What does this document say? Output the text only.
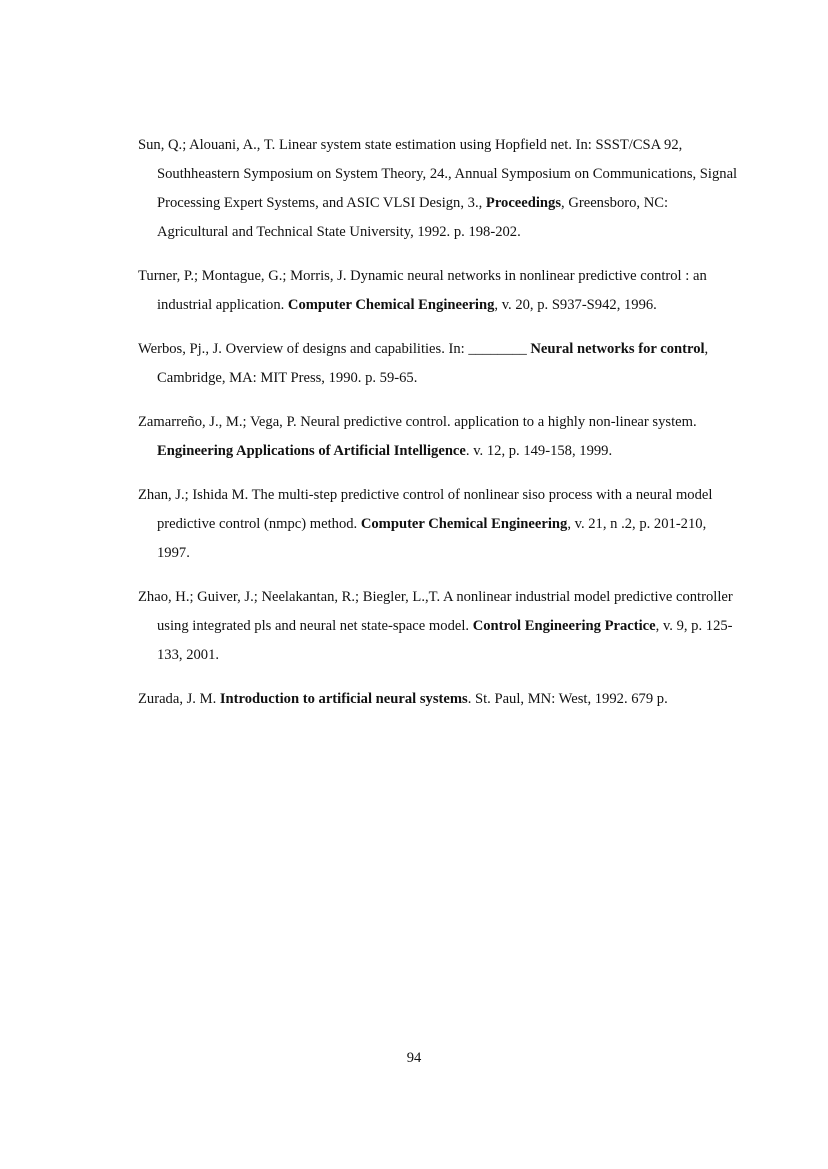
Sun, Q.; Alouani, A., T. Linear system state estimation using Hopfield net. In: SSST/CSA 92, Southheastern Symposium on System Theory, 24., Annual Symposium on Communications, Signal Processing Expert Systems, and ASIC VLSI Design, 3., Proceedings, Greensboro, NC: Agricultural and Technical State University, 1992. p. 198-202.

Turner, P.; Montague, G.; Morris, J. Dynamic neural networks in nonlinear predictive control : an industrial application. Computer Chemical Engineering, v. 20, p. S937-S942, 1996.

Werbos, Pj., J. Overview of designs and capabilities. In: ________ Neural networks for control, Cambridge, MA: MIT Press, 1990. p. 59-65.

Zamarreño, J., M.; Vega, P. Neural predictive control. application to a highly non-linear system. Engineering Applications of Artificial Intelligence. v. 12, p. 149-158, 1999.

Zhan, J.; Ishida M. The multi-step predictive control of nonlinear siso process with a neural model predictive control (nmpc) method. Computer Chemical Engineering, v. 21, n .2, p. 201-210, 1997.

Zhao, H.; Guiver, J.; Neelakantan, R.; Biegler, L.,T. A nonlinear industrial model predictive controller using integrated pls and neural net state-space model. Control Engineering Practice, v. 9, p. 125-133, 2001.

Zurada, J. M. Introduction to artificial neural systems. St. Paul, MN: West, 1992. 679 p.

94
